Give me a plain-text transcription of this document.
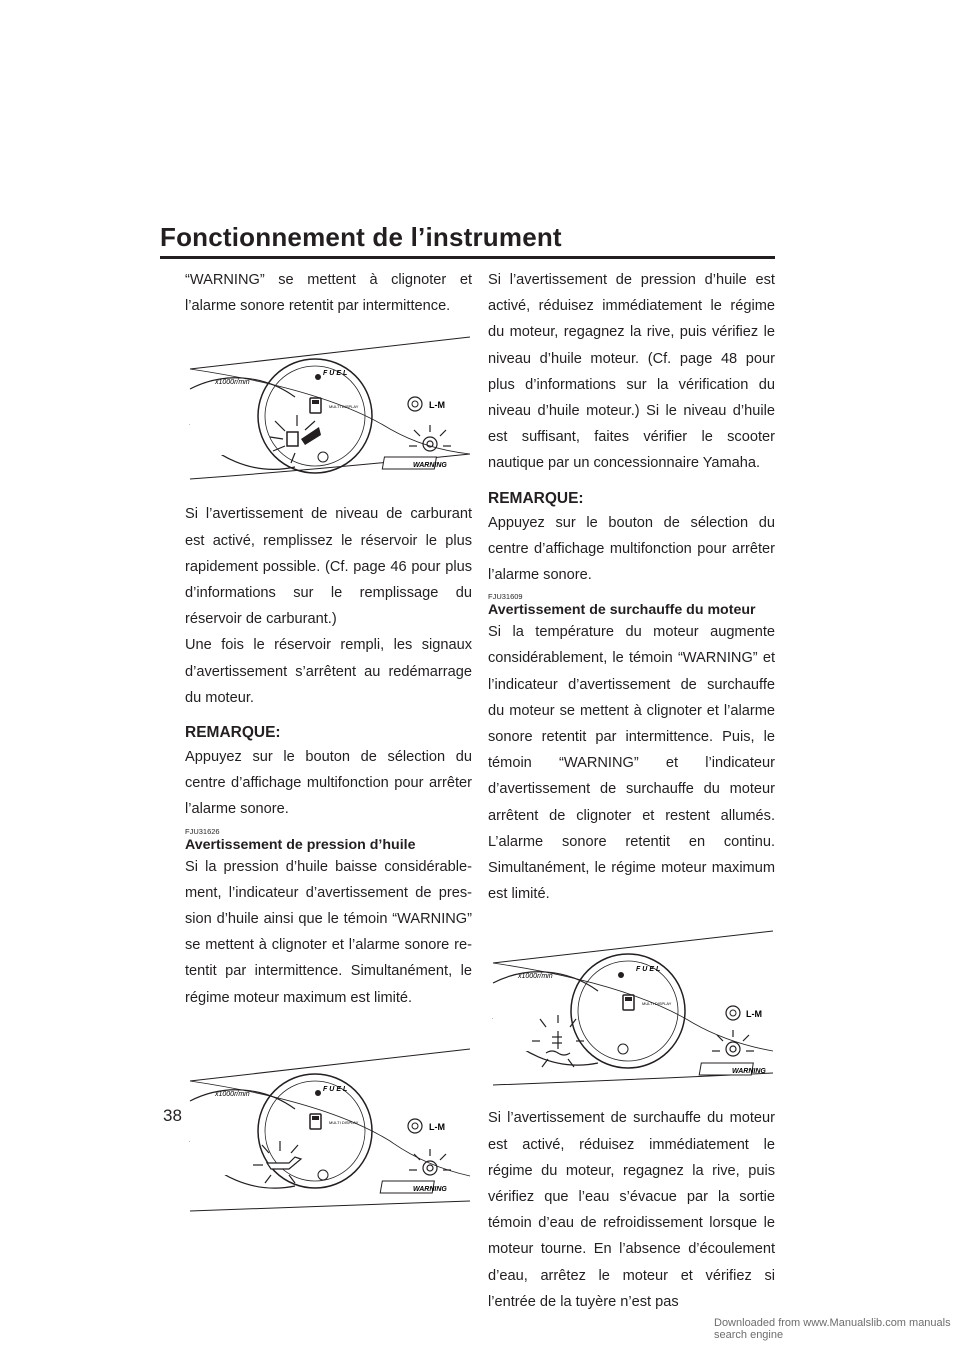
Fonctionnement de l’instrument

“WARNING” se mettent à clignoter et l’alarme sonore retentit par intermittence.

x1000r/min
FUEL
MULTI DISPLAY	L-M
WARNING

Si l’avertissement de niveau de carburant est activé, remplissez le réservoir le plus rapidement possible. (Cf. page 46 pour plus d’informations sur le remplissage du réservoir de carburant.)

Une fois le réservoir rempli, les signaux d’avertissement s’arrêtent au redémarrage du moteur.

REMARQUE:

Appuyez sur le bouton de sélection du centre d’affichage multifonction pour arrêter l’alarme sonore.

FJU31626

Avertissement de pression d’huile

Si la pression d’huile baisse considérablement, l’indicateur d’avertissement de pression d’huile ainsi que le témoin “WARNING” se mettent à clignoter et l’alarme sonore retentit par intermittence. Simultanément, le régime moteur maximum est limité.

x1000r/min
FUEL
MULTI DISPLAY	L-M
WARNING

Si l’avertissement de pression d’huile est activé, réduisez immédiatement le régime du moteur, regagnez la rive, puis vérifiez le niveau d’huile moteur. (Cf. page 48 pour plus d’informations sur la vérification du niveau d’huile moteur.) Si le niveau d’huile est suffisant, faites vérifier le scooter nautique par un concessionnaire Yamaha.

REMARQUE:

Appuyez sur le bouton de sélection du centre d’affichage multifonction pour arrêter l’alarme sonore.

FJU31609

Avertissement de surchauffe du moteur

Si la température du moteur augmente considérablement, le témoin “WARNING” et l’indicateur d’avertissement de surchauffe du moteur se mettent à clignoter et l’alarme sonore retentit par intermittence. Puis, le témoin “WARNING” et l’indicateur d’avertissement de surchauffe du moteur arrêtent de clignoter et restent allumés. L’alarme sonore retentit en continu. Simultanément, le régime moteur maximum est limité.

x1000r/min
FUEL
MULTI DISPLAY
L-M
WARNING

Si l’avertissement de surchauffe du moteur est activé, réduisez immédiatement le régime du moteur, regagnez la rive, puis vérifiez que l’eau s’évacue par la sortie témoin d’eau de refroidissement lorsque le moteur tourne. En l’absence d’écoulement d’eau, arrêtez le moteur et vérifiez si l’entrée de la tuyère n’est pas

38
Downloaded from www.Manualslib.com manuals search engine
